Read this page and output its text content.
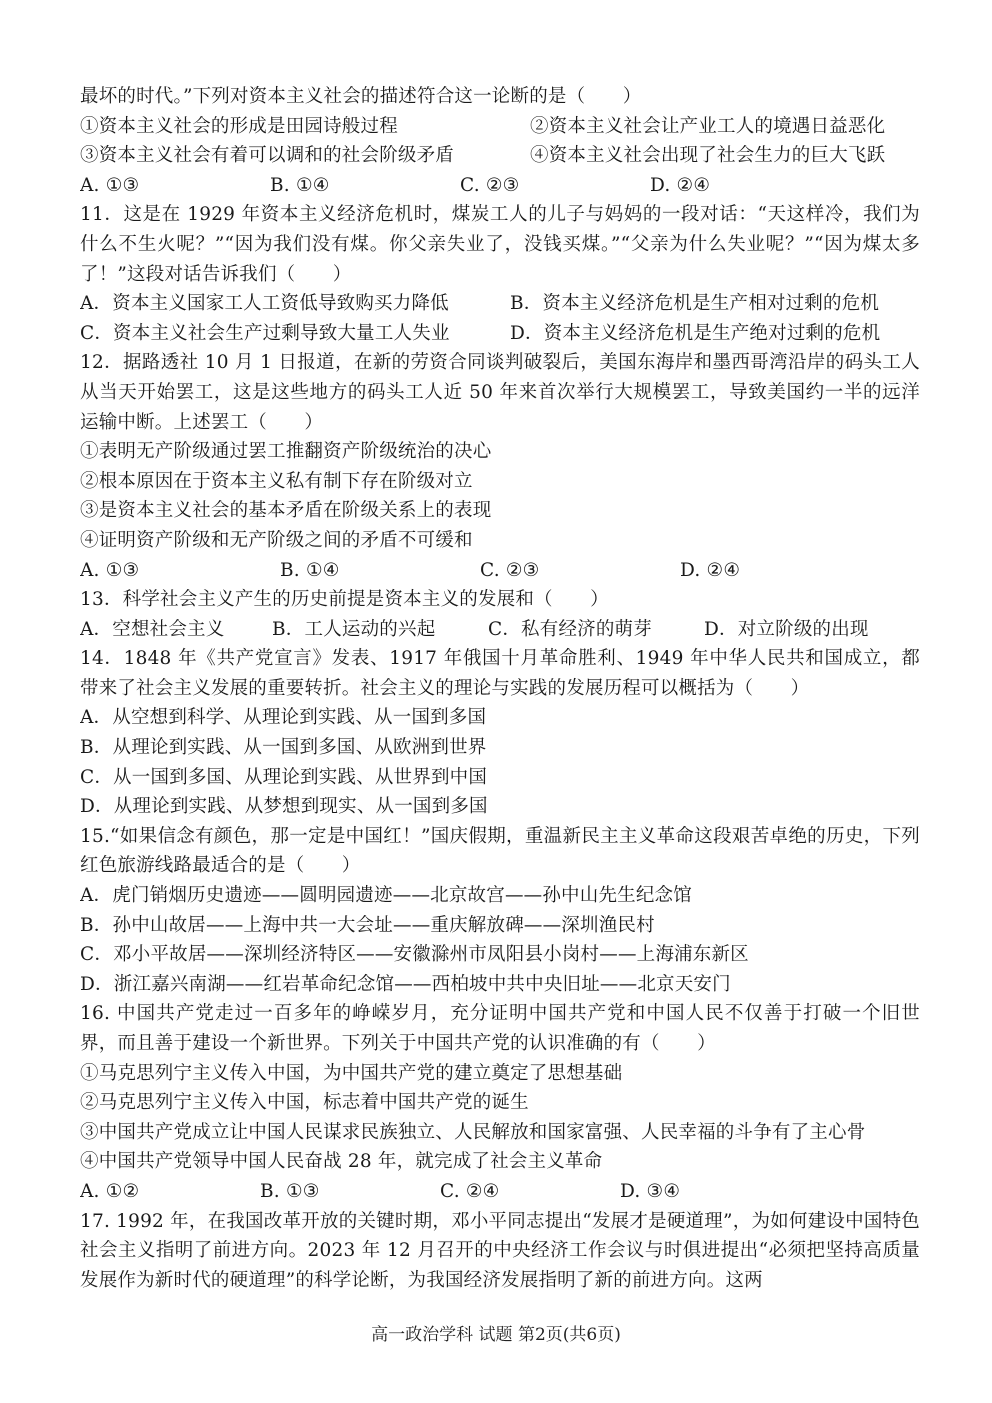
最坏的时代。”下列对资本主义社会的描述符合这一论断的是（　　）
①资本主义社会的形成是田园诗般过程	②资本主义社会让产业工人的境遇日益恶化
③资本主义社会有着可以调和的社会阶级矛盾	④资本主义社会出现了社会生力的巨大飞跃
A. ①③	B. ①④	C. ②③	D. ②④
11．这是在 1929 年资本主义经济危机时，煤炭工人的儿子与妈妈的一段对话：“天这样冷，我们为什么不生火呢？”“因为我们没有煤。你父亲失业了，没钱买煤。”“父亲为什么失业呢？”“因为煤太多了！”这段对话告诉我们（　　）
A．资本主义国家工人工资低导致购买力降低	B．资本主义经济危机是生产相对过剩的危机
C．资本主义社会生产过剩导致大量工人失业	D．资本主义经济危机是生产绝对过剩的危机
12．据路透社 10 月 1 日报道，在新的劳资合同谈判破裂后，美国东海岸和墨西哥湾沿岸的码头工人从当天开始罢工，这是这些地方的码头工人近 50 年来首次举行大规模罢工，导致美国约一半的远洋运输中断。上述罢工（　　）
①表明无产阶级通过罢工推翻资产阶级统治的决心
②根本原因在于资本主义私有制下存在阶级对立
③是资本主义社会的基本矛盾在阶级关系上的表现
④证明资产阶级和无产阶级之间的矛盾不可缓和
A. ①③	B. ①④	C. ②③	D. ②④
13．科学社会主义产生的历史前提是资本主义的发展和（　　）
A．空想社会主义	B．工人运动的兴起	C．私有经济的萌芽	D．对立阶级的出现
14．1848 年《共产党宣言》发表、1917 年俄国十月革命胜利、1949 年中华人民共和国成立，都带来了社会主义发展的重要转折。社会主义的理论与实践的发展历程可以概括为（　　）
A．从空想到科学、从理论到实践、从一国到多国
B．从理论到实践、从一国到多国、从欧洲到世界
C．从一国到多国、从理论到实践、从世界到中国
D．从理论到实践、从梦想到现实、从一国到多国
15.“如果信念有颜色，那一定是中国红！”国庆假期，重温新民主主义革命这段艰苦卓绝的历史，下列红色旅游线路最适合的是（　　）
A．虎门销烟历史遗迹——圆明园遗迹——北京故宫——孙中山先生纪念馆
B．孙中山故居——上海中共一大会址——重庆解放碑——深圳渔民村
C．邓小平故居——深圳经济特区——安徽滁州市凤阳县小岗村——上海浦东新区
D．浙江嘉兴南湖——红岩革命纪念馆——西柏坡中共中央旧址——北京天安门
16. 中国共产党走过一百多年的峥嵘岁月，充分证明中国共产党和中国人民不仅善于打破一个旧世界，而且善于建设一个新世界。下列关于中国共产党的认识准确的有（　　）
①马克思列宁主义传入中国，为中国共产党的建立奠定了思想基础
②马克思列宁主义传入中国，标志着中国共产党的诞生
③中国共产党成立让中国人民谋求民族独立、人民解放和国家富强、人民幸福的斗争有了主心骨
④中国共产党领导中国人民奋战 28 年，就完成了社会主义革命
A. ①②	B. ①③	C. ②④	D. ③④
17. 1992 年，在我国改革开放的关键时期，邓小平同志提出“发展才是硬道理”，为如何建设中国特色社会主义指明了前进方向。2023 年 12 月召开的中央经济工作会议与时俱进提出“必须把坚持高质量发展作为新时代的硬道理”的科学论断，为我国经济发展指明了新的前进方向。这两
高一政治学科 试题 第2页(共6页)
